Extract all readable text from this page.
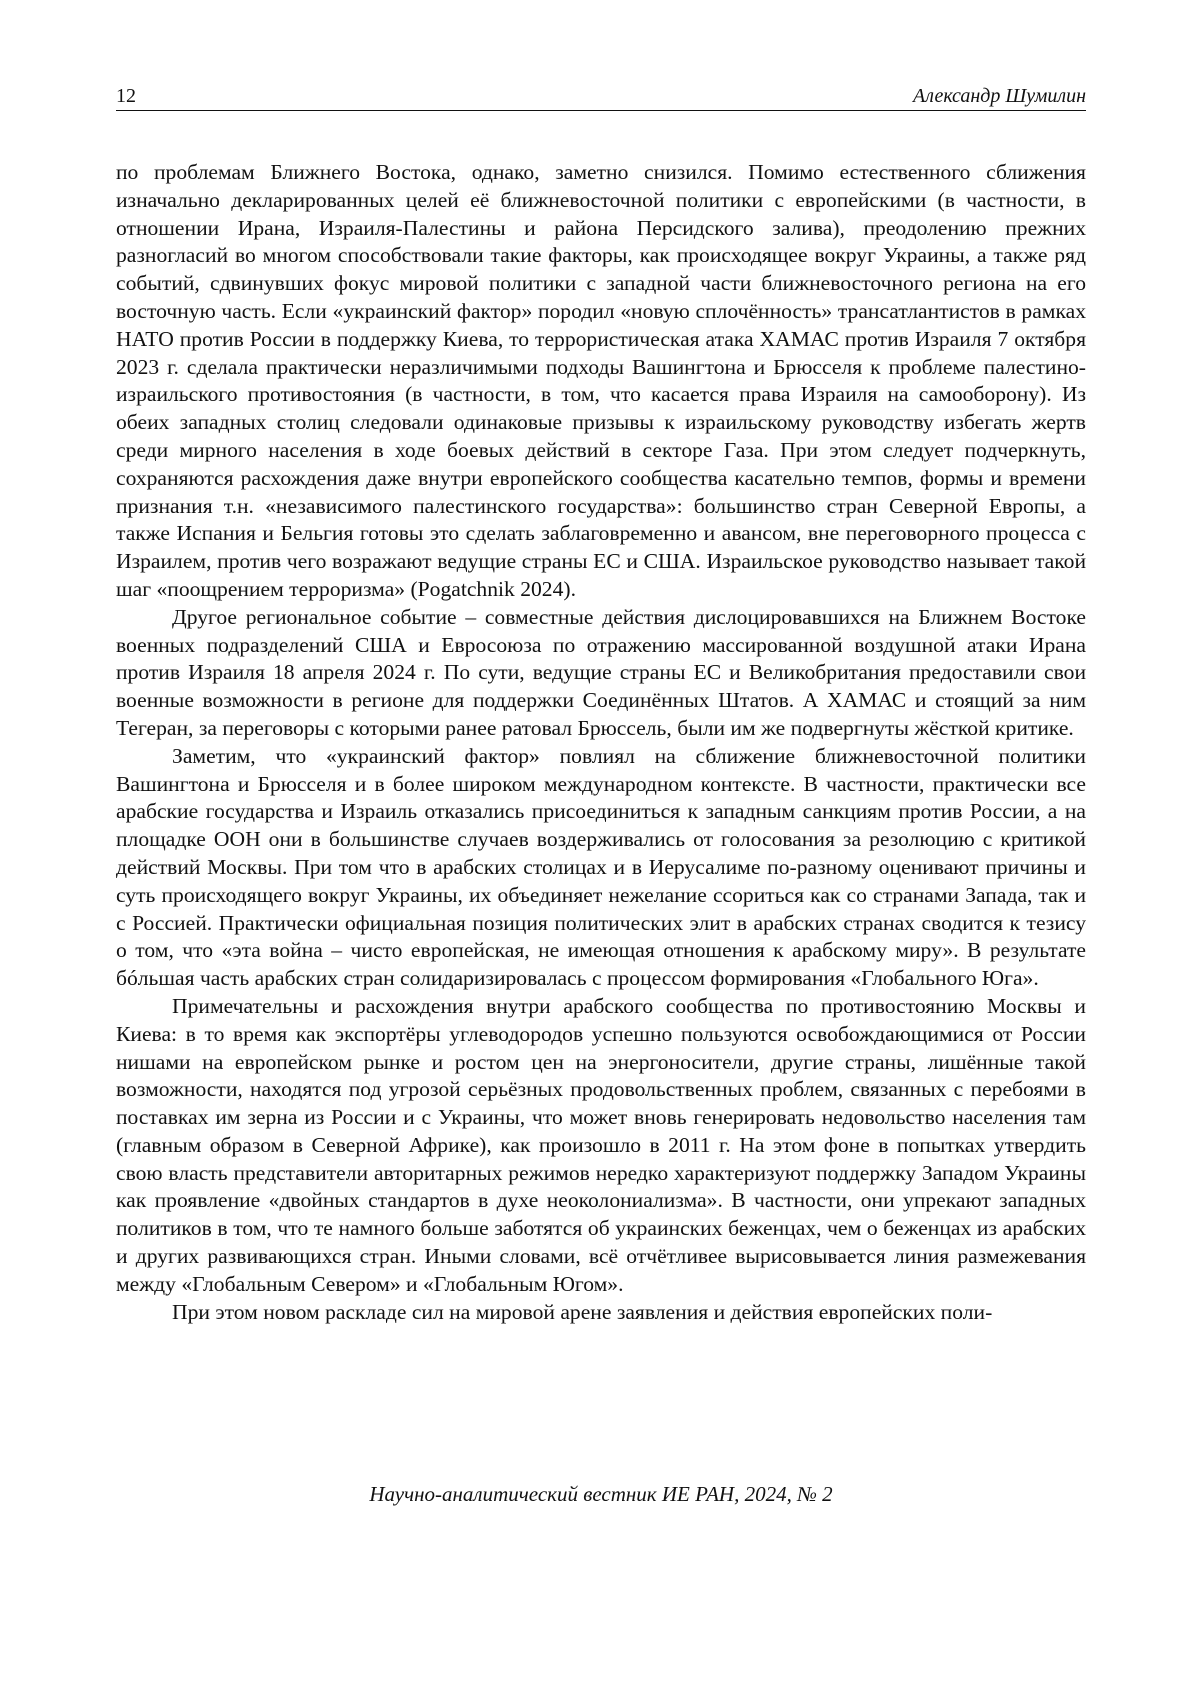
12	Александр Шумилин

по проблемам Ближнего Востока, однако, заметно снизился. Помимо естественного сближения изначально декларированных целей её ближневосточной политики с европейскими (в частности, в отношении Ирана, Израиля-Палестины и района Персидского залива), преодолению прежних разногласий во многом способствовали такие факторы, как происходящее вокруг Украины, а также ряд событий, сдвинувших фокус мировой политики с западной части ближневосточного региона на его восточную часть. Если «украинский фактор» породил «новую сплочённость» трансатлантистов в рамках НАТО против России в поддержку Киева, то террористическая атака ХАМАС против Израиля 7 октября 2023 г. сделала практически неразличимыми подходы Вашингтона и Брюсселя к проблеме палестино-израильского противостояния (в частности, в том, что касается права Израиля на самооборону). Из обеих западных столиц следовали одинаковые призывы к израильскому руководству избегать жертв среди мирного населения в ходе боевых действий в секторе Газа. При этом следует подчеркнуть, сохраняются расхождения даже внутри европейского сообщества касательно темпов, формы и времени признания т.н. «независимого палестинского государства»: большинство стран Северной Европы, а также Испания и Бельгия готовы это сделать заблаговременно и авансом, вне переговорного процесса с Израилем, против чего возражают ведущие страны ЕС и США. Израильское руководство называет такой шаг «поощрением терроризма» (Pogatchnik 2024).

Другое региональное событие – совместные действия дислоцировавшихся на Ближнем Востоке военных подразделений США и Евросоюза по отражению массированной воздушной атаки Ирана против Израиля 18 апреля 2024 г. По сути, ведущие страны ЕС и Великобритания предоставили свои военные возможности в регионе для поддержки Соединённых Штатов. А ХАМАС и стоящий за ним Тегеран, за переговоры с которыми ранее ратовал Брюссель, были им же подвергнуты жёсткой критике.

Заметим, что «украинский фактор» повлиял на сближение ближневосточной политики Вашингтона и Брюсселя и в более широком международном контексте. В частности, практически все арабские государства и Израиль отказались присоединиться к западным санкциям против России, а на площадке ООН они в большинстве случаев воздерживались от голосования за резолюцию с критикой действий Москвы. При том что в арабских столицах и в Иерусалиме по-разному оценивают причины и суть происходящего вокруг Украины, их объединяет нежелание ссориться как со странами Запада, так и с Россией. Практически официальная позиция политических элит в арабских странах сводится к тезису о том, что «эта война – чисто европейская, не имеющая отношения к арабскому миру». В результате бóльшая часть арабских стран солидаризировалась с процессом формирования «Глобального Юга».

Примечательны и расхождения внутри арабского сообщества по противостоянию Москвы и Киева: в то время как экспортёры углеводородов успешно пользуются освобождающимися от России нишами на европейском рынке и ростом цен на энергоносители, другие страны, лишённые такой возможности, находятся под угрозой серьёзных продовольственных проблем, связанных с перебоями в поставках им зерна из России и с Украины, что может вновь генерировать недовольство населения там (главным образом в Северной Африке), как произошло в 2011 г. На этом фоне в попытках утвердить свою власть представители авторитарных режимов нередко характеризуют поддержку Западом Украины как проявление «двойных стандартов в духе неоколониализма». В частности, они упрекают западных политиков в том, что те намного больше заботятся об украинских беженцах, чем о беженцах из арабских и других развивающихся стран. Иными словами, всё отчётливее вырисовывается линия размежевания между «Глобальным Севером» и «Глобальным Югом».

При этом новом раскладе сил на мировой арене заявления и действия европейских поли-

Научно-аналитический вестник ИЕ РАН, 2024, № 2
